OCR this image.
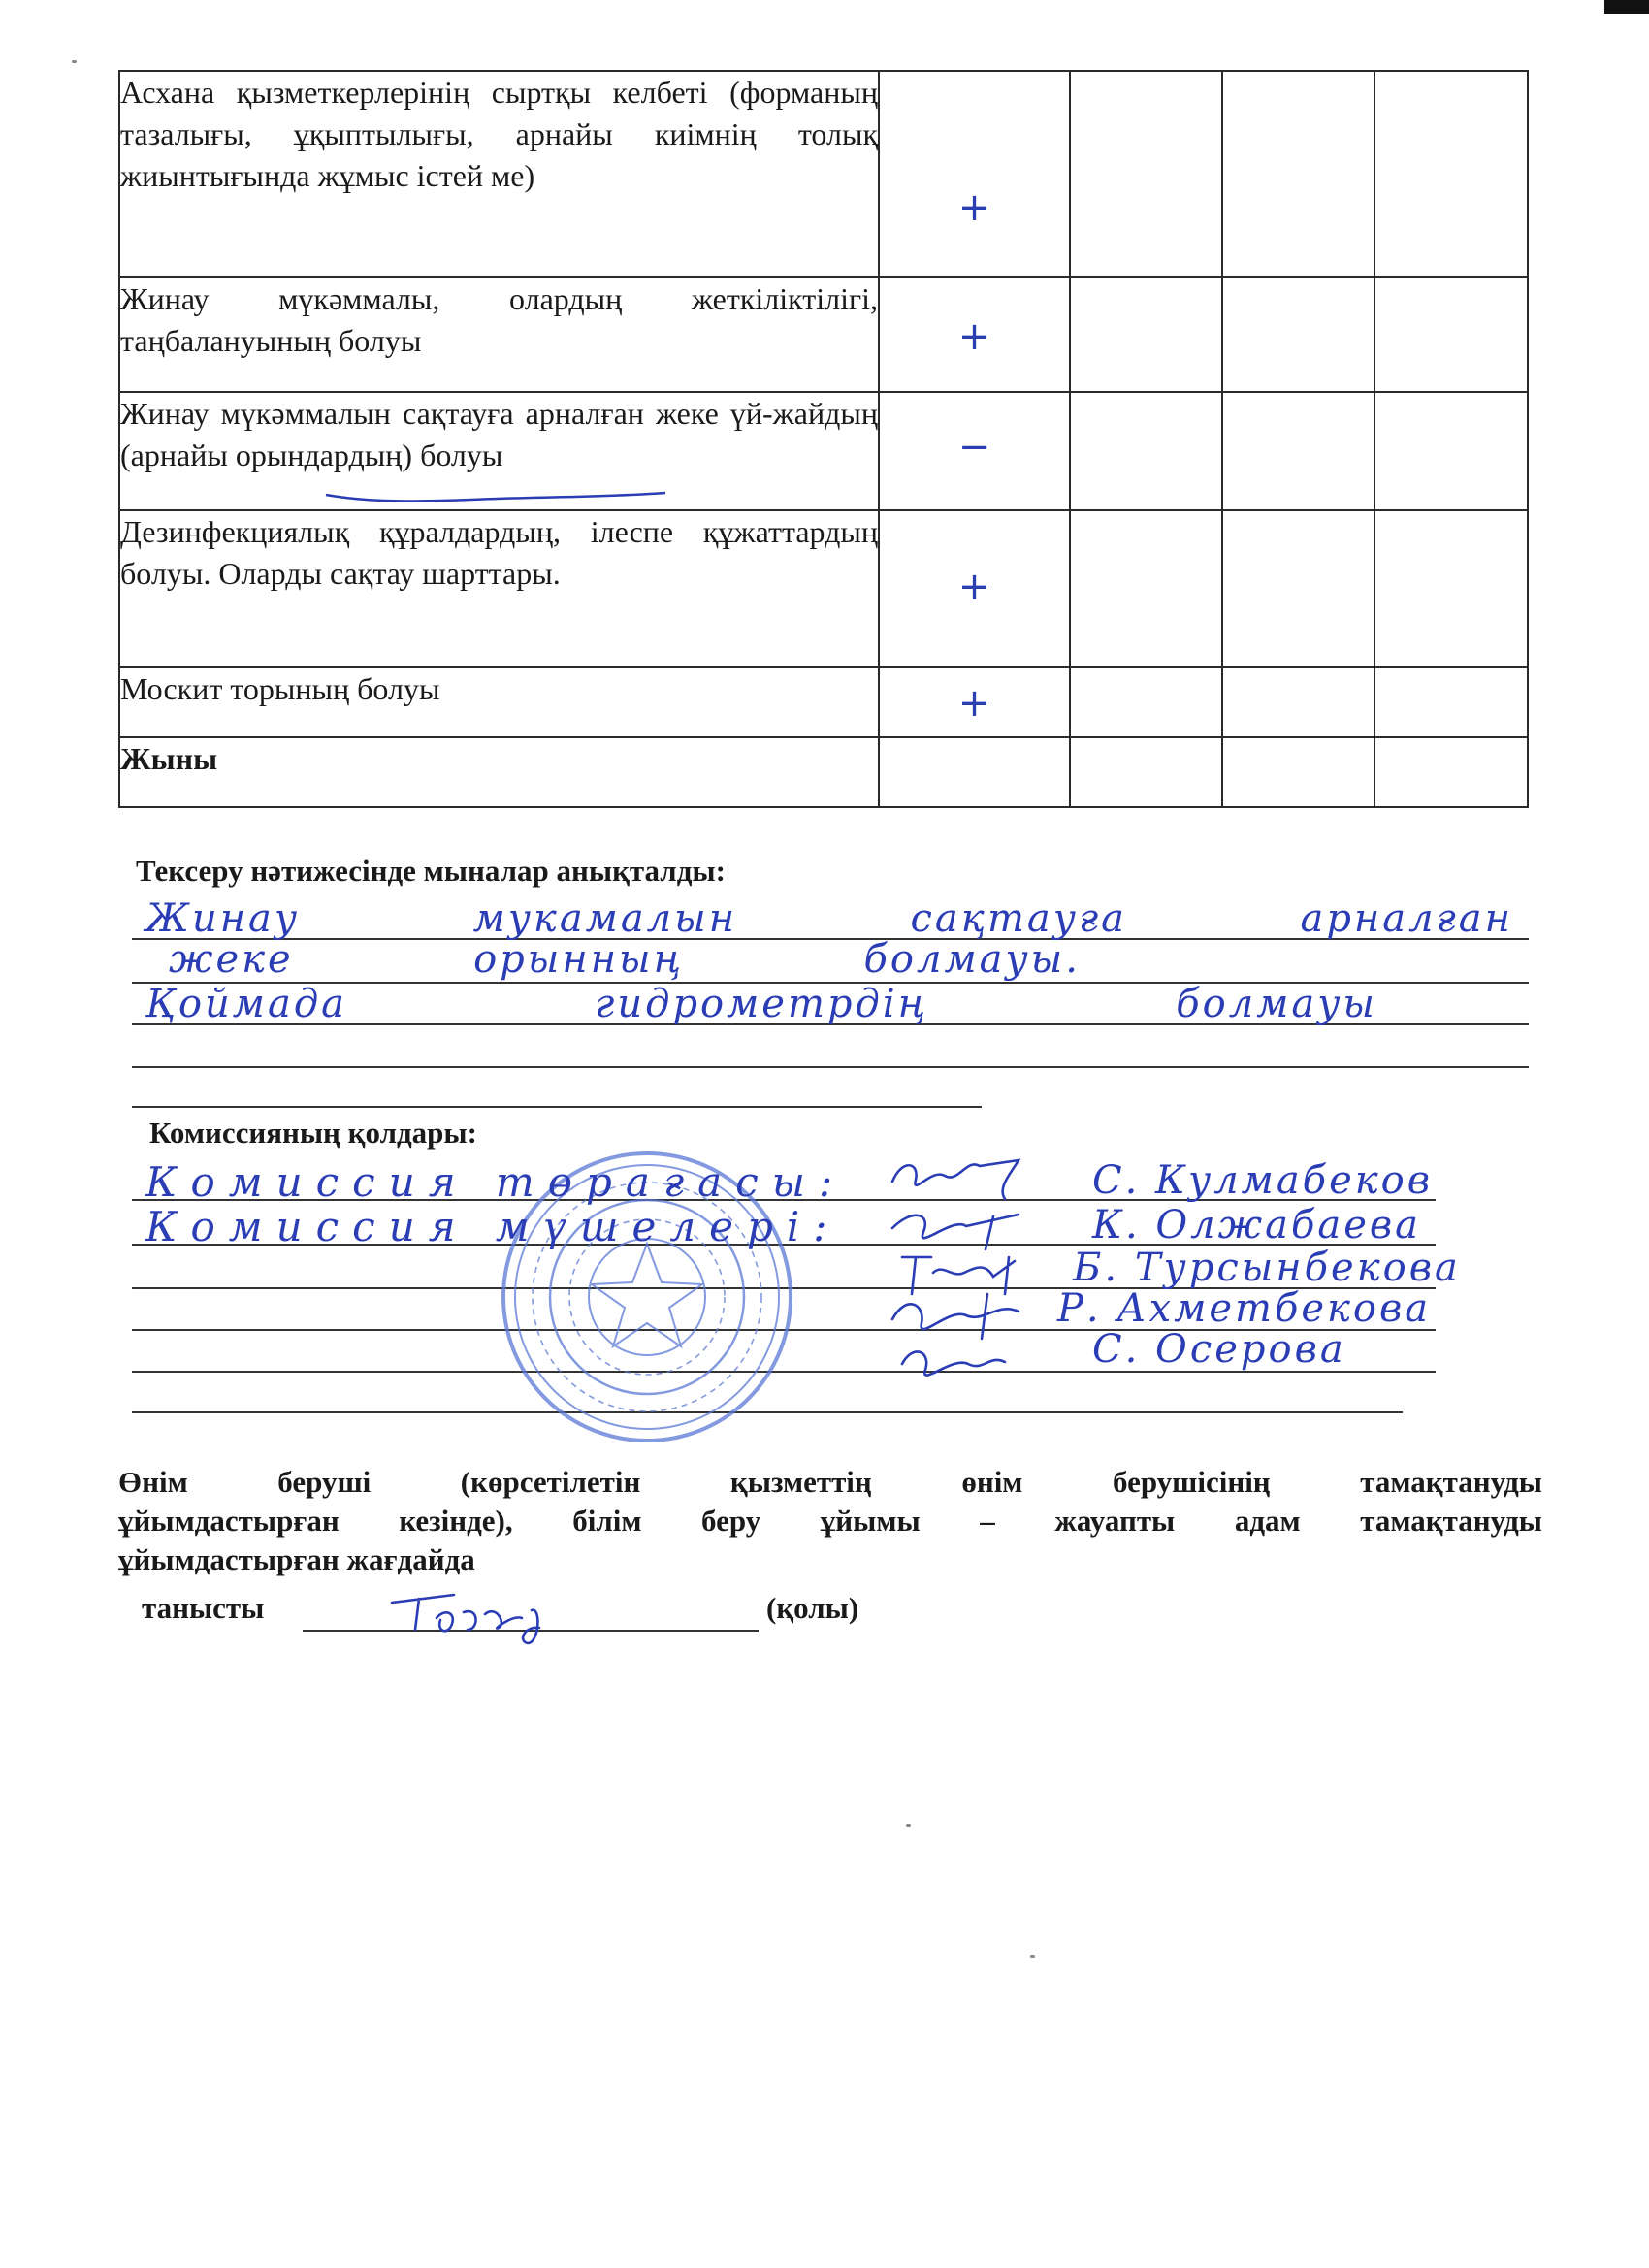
Асхана қызметкерлерінің сыртқы келбеті (форманың тазалығы, ұқыптылығы, арнайы киімнің толық жиынтығында жұмыс істей ме)	+			

Жинау мүкәммалы, олардың жеткіліктілігі, таңбалануының болуы	+			

Жинау мүкәммалын сақтауға арналған жеке үй-жайдың (арнайы орындардың) болуы	−			

Дезинфекциялық құралдардың, ілеспе құжаттардың болуы. Оларды сақтау шарттары.	+			

Москит торының болуы	+			

Жыны	

Тексеру нәтижесінде мыналар анықталды:
Жинау	мукамалын	сақтауға	арналған
жеке	орынның	болмауы.
Қоймада	гидрометрдің	болмауы
Комиссияның қолдары:
Комиссия төрағасы:
Комиссия мүшелері:
С. Кулмабеков
К. Олжабаева
Б. Турсынбекова
Р. Ахметбекова
С. Осерова
Өнім беруші (көрсетілетін қызметтің өнім берушісінің тамақтануды
ұйымдастырған кезінде), білім беру ұйымы – жауапты адам тамақтануды
ұйымдастырған жағдайда
танысты	(қолы)
